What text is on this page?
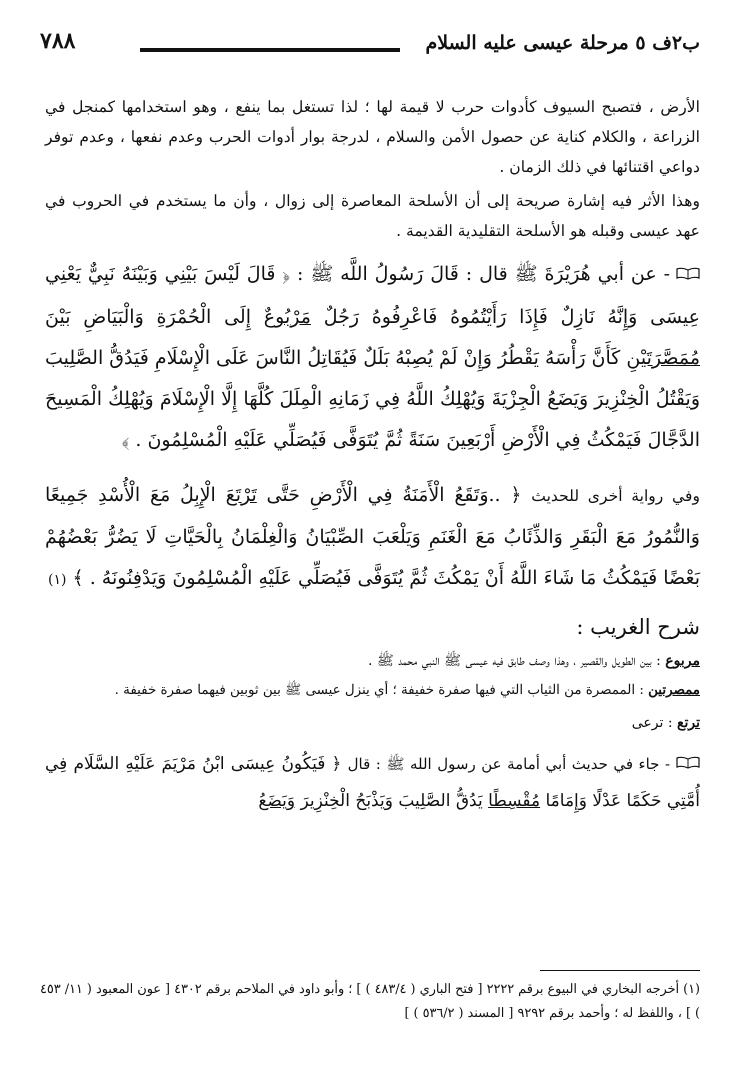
ب٢ف ٥ مرحلة عيسى عليه السلام
٧٨٨

الأرض ، فتصبح السيوف كأدوات حرب لا قيمة لها ؛ لذا تستغل بما ينفع ، وهو استخدامها كمنجل في الزراعة ، والكلام كناية عن حصول الأمن والسلام ، لدرجة بوار أدوات الحرب وعدم نفعها ، وعدم توفر دواعي اقتنائها في ذلك الزمان .

وهذا الأثر فيه إشارة صريحة إلى أن الأسلحة المعاصرة إلى زوال ، وأن ما يستخدم في الحروب في عهد عيسى وقبله هو الأسلحة التقليدية القديمة .

- عن أبي هُرَيْرَةَ ﷺ قال : قَالَ رَسُولُ اللَّه ﷺ : ﴿ قَالَ لَيْسَ بَيْنِي وَبَيْنَهُ نَبِيٌّ يَعْنِي عِيسَى وَإِنَّهُ نَازِلٌ فَإِذَا رَأَيْتُمُوهُ فَاعْرِفُوهُ رَجُلٌ مَرْبُوعٌ إِلَى الْحُمْرَةِ وَالْبَيَاضِ بَيْنَ مُمَصَّرَتَيْنِ كَأَنَّ رَأْسَهُ يَقْطُرُ وَإِنْ لَمْ يُصِبْهُ بَلَلٌ فَيُقَاتِلُ النَّاسَ عَلَى الْإِسْلَامِ فَيَدُقُّ الصَّلِيبَ وَيَقْتُلُ الْخِنْزِيرَ وَيَضَعُ الْجِزْيَةَ وَيُهْلِكُ اللَّهُ فِي زَمَانِهِ الْمِلَلَ كُلَّهَا إِلَّا الْإِسْلَامَ وَيُهْلِكُ الْمَسِيحَ الدَّجَّالَ فَيَمْكُثُ فِي الْأَرْضِ أَرْبَعِينَ سَنَةً ثُمَّ يُتَوَفَّى فَيُصَلِّي عَلَيْهِ الْمُسْلِمُونَ . ﴾

وفي رواية أخرى للحديث ﴿ ..وَتَقَعُ الْأَمَنَةُ فِي الْأَرْضِ حَتَّى تَرْتَعَ الْإِبِلُ مَعَ الْأُسْدِ جَمِيعًا وَالنُّمُورُ مَعَ الْبَقَرِ وَالذِّئَابُ مَعَ الْغَنَمِ وَيَلْعَبَ الصِّبْيَانُ وَالْغِلْمَانُ بِالْحَيَّاتِ لَا يَضُرُّ بَعْضُهُمْ بَعْضًا فَيَمْكُثُ مَا شَاءَ اللَّهُ أَنْ يَمْكُثَ ثُمَّ يُتَوَفَّى فَيُصَلِّي عَلَيْهِ الْمُسْلِمُونَ وَيَدْفِنُونَهُ . ﴾ (١)

شرح الغريب :

مربوع : بين الطويل والقصير ، وهذا وصف طابق فيه عيسى ﷺ النبي محمد ﷺ .

ممصرتين : الممصرة من الثياب التي فيها صفرة خفيفة ؛ أي ينزل عيسى ﷺ بين ثوبين فيهما صفرة خفيفة .

ترتع : ترعى

- جاء في حديث أبي أمامة عن رسول الله ﷺ : قال ﴿ فَيَكُونُ عِيسَى ابْنُ مَرْيَمَ عَلَيْهِ السَّلَام فِي أُمَّتِي حَكَمًا عَدْلًا وَإِمَامًا مُقْسِطًا يَدُقُّ الصَّلِيبَ وَيَذْبَحُ الْخِنْزِيرَ وَيَضَعُ

(١) أخرجه البخاري في البيوع برقم ٢٢٢٢ [ فتح الباري ( ٤٨٣/٤ ) ] ؛ وأبو داود في الملاحم برقم ٤٣٠٢ [ عون المعبود ( ١١/ ٤٥٣ ) ] ، واللفظ له ؛ وأحمد برقم ٩٢٩٢ [ المسند ( ٥٣٦/٢ ) ]
